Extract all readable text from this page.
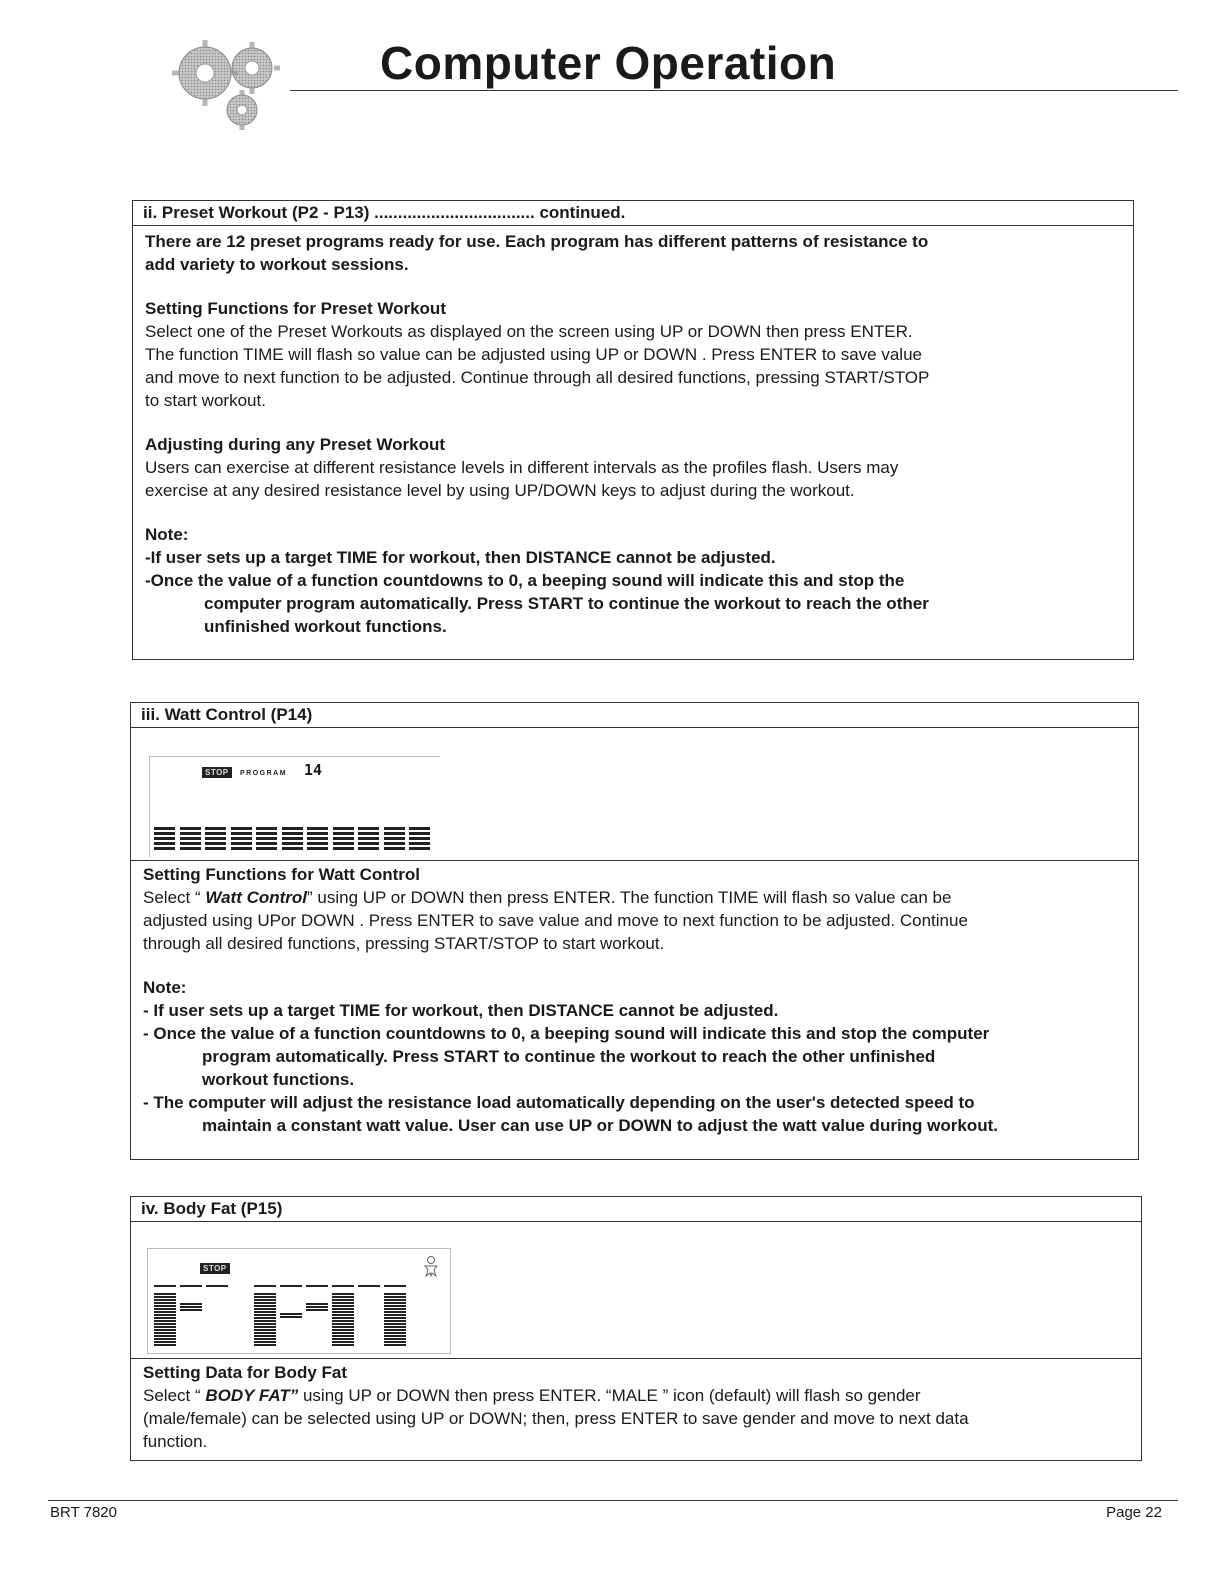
Computer Operation
ii. Preset Workout (P2 - P13) .................................. continued.

There are 12 preset programs ready for use. Each program has different patterns of resistance to

add variety to workout sessions.

Setting Functions for Preset Workout

Select one of the Preset Workouts as displayed on the screen using UP or DOWN then press ENTER.

The function TIME will flash so value can be adjusted using UP or DOWN . Press ENTER to save value

and move to next function to be adjusted. Continue through all desired functions, pressing START/STOP

to start workout.

Adjusting during any Preset Workout

Users can exercise at different resistance levels in different intervals as the profiles flash. Users may

exercise at any desired resistance level by using UP/DOWN keys to adjust during the workout.

Note:

-If user sets up a target TIME for workout, then DISTANCE cannot be adjusted.

-Once the value of a function countdowns to 0, a beeping sound will indicate this and stop the

computer program automatically. Press START to continue the workout to reach the other

unfinished workout functions.

iii. Watt Control (P14)
STOP	PROGRAM 14

Setting Functions for Watt Control

Select “ Watt Control” using UP or DOWN then press ENTER. The function TIME will flash so value can be

adjusted using UPor DOWN . Press ENTER to save value and move to next function to be adjusted. Continue

through all desired functions, pressing START/STOP to start workout.

Note:

- If user sets up a target TIME for workout, then DISTANCE cannot be adjusted.

- Once the value of a function countdowns to 0, a beeping sound will indicate this and stop the computer

program automatically. Press START to continue the workout to reach the other unfinished

workout functions.

- The computer will adjust the resistance load automatically depending on the user's detected speed to

maintain a constant watt value. User can use UP or DOWN to adjust the watt value during workout.

iv. Body Fat (P15)
STOP

Setting Data for Body Fat

Select “ BODY FAT” using UP or DOWN then press ENTER. “MALE ” icon (default) will flash so gender

(male/female) can be selected using UP or DOWN; then, press ENTER to save gender and move to next data

function.

BRT 7820	Page 22
